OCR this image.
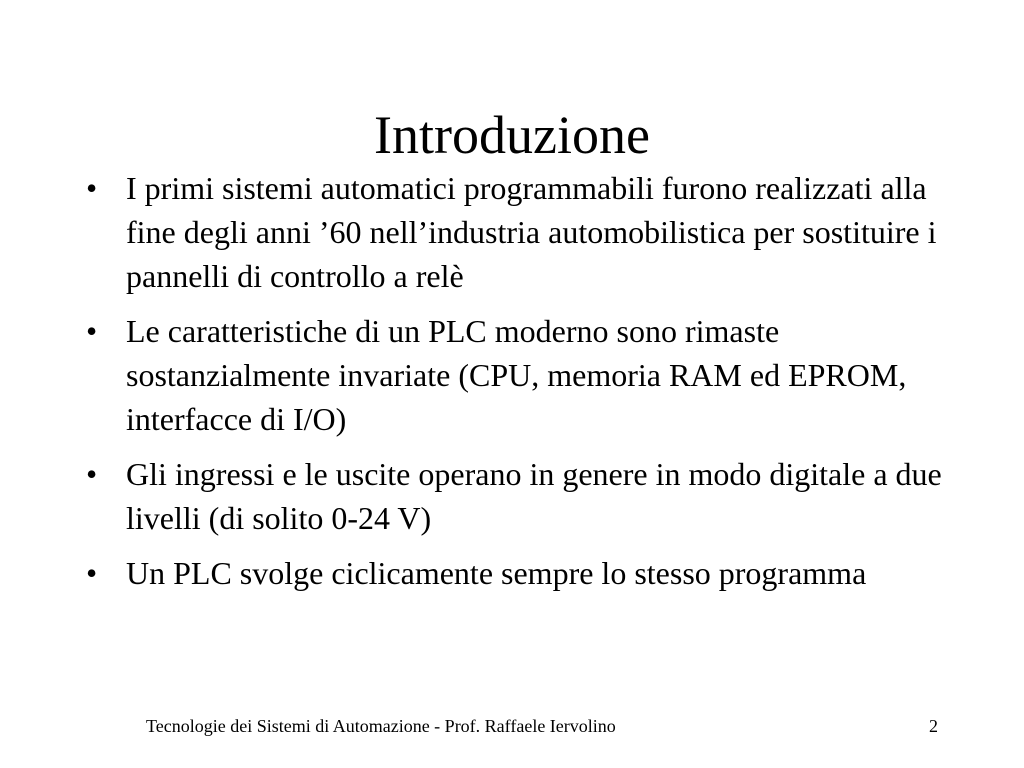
Introduzione
• I primi sistemi automatici programmabili furono realizzati alla fine degli anni ’60 nell’industria automobilistica per sostituire i pannelli di controllo a relè
• Le caratteristiche di un PLC moderno sono rimaste sostanzialmente invariate (CPU, memoria RAM ed EPROM, interfacce di I/O)
• Gli ingressi e le uscite operano in genere in modo digitale a due livelli (di solito 0-24 V)
• Un PLC svolge ciclicamente sempre lo stesso programma
Tecnologie dei Sistemi di Automazione - Prof. Raffaele Iervolino	2
